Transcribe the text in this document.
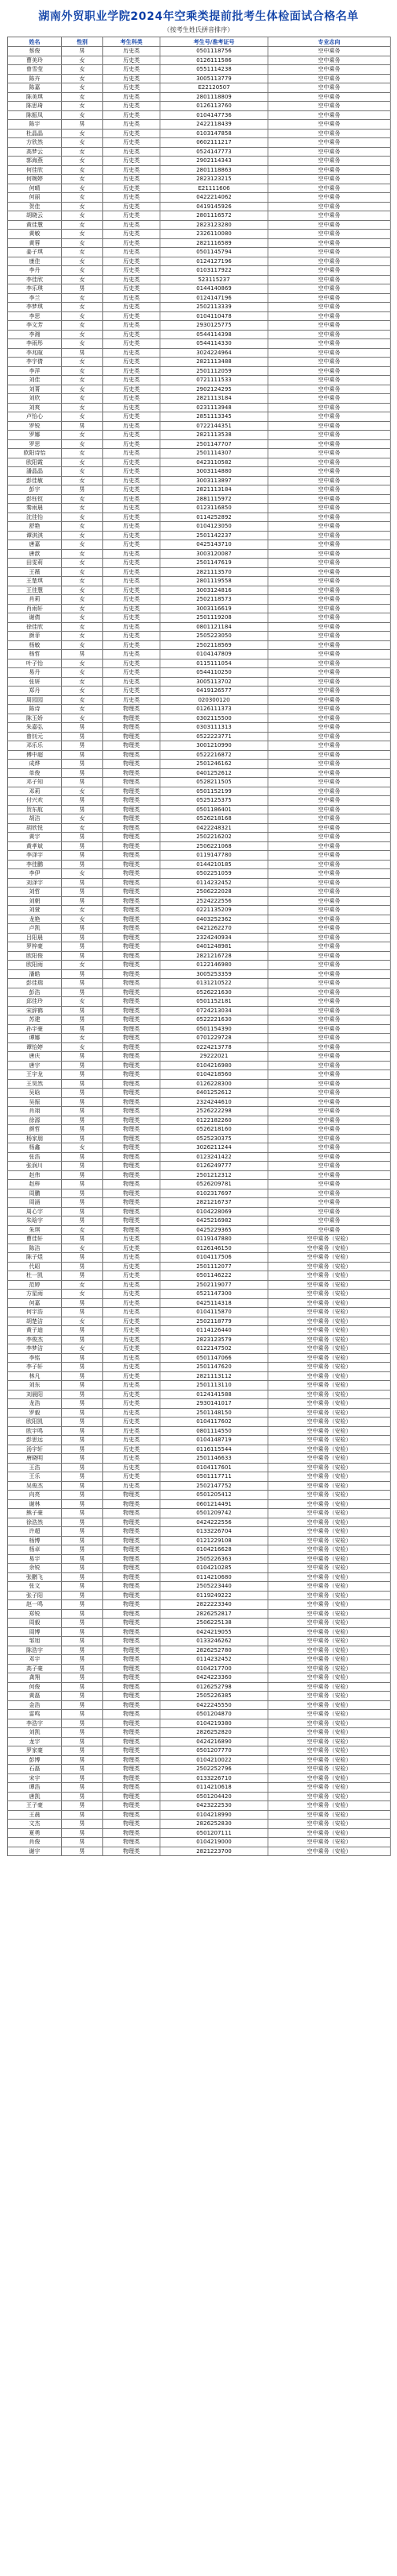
湖南外贸职业学院2024年空乘类提前批考生体检面试合格名单
（按考生姓氏拼音排序）
姓名	性别	考生科类	考生号/准考证号	专业志向
蔡俊	男	历史类	0501118756	空中乘务
曹美玲	女	历史类	0126111586	空中乘务
曾雪莹	女	历史类	0551114238	空中乘务
陈卉	女	历史类	3005113779	空中乘务
陈嘉	女	历史类	E22120507	空中乘务
陈美琪	女	历史类	2801118809	空中乘务
陈思琦	女	历史类	0126113760	空中乘务
陈振凤	女	历史类	0104147736	空中乘务
陈宇	男	历史类	2422118439	空中乘务
杜晶晶	女	历史类	0103147858	空中乘务
方欣然	女	历史类	0602111217	空中乘务
高梦云	女	历史类	0524147773	空中乘务
郭海燕	女	历史类	2902114343	空中乘务
何佳欣	女	历史类	2801118863	空中乘务
何婉婷	女	历史类	2823123215	空中乘务
何晴	女	历史类	E21111606	空中乘务
何丽	女	历史类	0422214062	空中乘务
贺佳	女	历史类	0419145926	空中乘务
胡晓云	女	历史类	2801116572	空中乘务
黄佳慧	女	历史类	2823123280	空中乘务
黄敏	女	历史类	2326110080	空中乘务
黄蓉	女	历史类	2821116589	空中乘务
姜子琪	女	历史类	0501145794	空中乘务
康佳	女	历史类	0124127196	空中乘务
李丹	女	历史类	0103117922	空中乘务
李佳欣	女	历史类	523115237	空中乘务
李乐琪	男	历史类	0144140869	空中乘务
李兰	女	历史类	0124147196	空中乘务
李梦琪	女	历史类	2502113339	空中乘务
李思	女	历史类	0104110478	空中乘务
李文芳	女	历史类	2930125775	空中乘务
李湘	女	历史类	0544114398	空中乘务
李雨彤	女	历史类	0544114330	空中乘务
李兆暄	男	历史类	3024224964	空中乘务
李宇倩	女	历史类	2821113488	空中乘务
李萍	女	历史类	2501112059	空中乘务
刘佳	女	历史类	0721111533	空中乘务
刘菁	女	历史类	2902124295	空中乘务
刘欣	女	历史类	2821113184	空中乘务
刘爽	女	历史类	0231113948	空中乘务
卢怡心	女	历史类	2851113345	空中乘务
罗锐	男	历史类	0722144351	空中乘务
罗娜	女	历史类	2821113538	空中乘务
罗思	女	历史类	2501147707	空中乘务
欧阳诗怡	女	历史类	2501114307	空中乘务
欧阳霞	女	历史类	0423110582	空中乘务
潘晶晶	女	历史类	3003114880	空中乘务
彭佳敏	女	历史类	3003113897	空中乘务
彭宇	男	历史类	2821113184	空中乘务
彭钰钗	女	历史类	2881115972	空中乘务
秦雨晨	女	历史类	0123116850	空中乘务
沈佳怡	女	历史类	0114252892	空中乘务
舒艳	女	历史类	0104123050	空中乘务
谭淇淇	女	历史类	2501142237	空中乘务
唐嘉	女	历史类	0425143710	空中乘务
唐歆	女	历史类	3003120087	空中乘务
田雯莉	女	历史类	2501147619	空中乘务
王薇	女	历史类	2821113570	空中乘务
王楚琪	女	历史类	2801119558	空中乘务
王佳慧	女	历史类	3003124816	空中乘务
肖莉	女	历史类	2502118573	空中乘务
肖雨轩	女	历史类	3003116619	空中乘务
谢倩	女	历史类	2501119208	空中乘务
徐佳欣	女	历史类	0801121184	空中乘务
颜菲	女	历史类	2505223050	空中乘务
杨敏	女	历史类	2502118569	空中乘务
杨哲	男	历史类	0104147809	空中乘务
叶子怡	女	历史类	0115111054	空中乘务
易丹	女	历史类	0544110250	空中乘务
张妍	女	历史类	3005113702	空中乘务
郑丹	女	历史类	0419126577	空中乘务
周园园	女	历史类	020300120	空中乘务
陈诗	女	物理类	0126111373	空中乘务
陈玉娇	女	物理类	0302115500	空中乘务
朱嘉弘	男	物理类	0303111313	空中乘务
曾钊元	男	物理类	0522223771	空中乘务
邓乐乐	男	物理类	3001210990	空中乘务
傅中超	男	物理类	0522216872	空中乘务
成烨	男	物理类	2501246162	空中乘务
单俊	男	物理类	0401252612	空中乘务
邓子知	男	物理类	0528211505	空中乘务
邓莉	女	物理类	0501152199	空中乘务
付兴欢	男	物理类	0525125375	空中乘务
贺东航	男	物理类	0501186401	空中乘务
胡洁	女	物理类	0526218168	空中乘务
胡欣悦	女	物理类	0422248321	空中乘务
黄宇	男	物理类	2502216202	空中乘务
黄孝斌	男	物理类	2506221068	空中乘务
李泽宇	男	物理类	0119147780	空中乘务
李佳鹏	男	物理类	0144210185	空中乘务
李伊	女	物理类	0502251059	空中乘务
刘泽宇	男	物理类	0114232452	空中乘务
刘哲	男	物理类	2506222028	空中乘务
刘朝	男	物理类	2524222556	空中乘务
刘萱	女	物理类	0221135209	空中乘务
龙艳	女	物理类	0403252362	空中乘务
卢凯	男	物理类	0421262270	空中乘务
吕阳晨	男	物理类	2324240934	空中乘务
罗梓豪	男	物理类	0401248981	空中乘务
欧阳俊	男	物理类	2821216728	空中乘务
欧阳雨	女	物理类	0122146980	空中乘务
潘皓	男	物理类	3005253359	空中乘务
彭佳瑞	男	物理类	0131210522	空中乘务
彭浩	男	物理类	0526221630	空中乘务
邱佳玲	女	物理类	0501152181	空中乘务
宋辞鹤	男	物理类	0724213034	空中乘务
苏建	男	物理类	0522221630	空中乘务
孙宇豪	男	物理类	0501154390	空中乘务
谭娜	女	物理类	0701229728	空中乘务
谭怡婷	女	物理类	0224213778	空中乘务
唐庆	男	物理类	29222021	空中乘务
唐宇	男	物理类	0104216980	空中乘务
王宇龙	男	物理类	0104218560	空中乘务
王昊然	男	物理类	0126228300	空中乘务
吴晗	男	物理类	0401252612	空中乘务
吴振	男	物理类	2324244610	空中乘务
肖翊	男	物理类	2526222298	空中乘务
徐源	男	物理类	0122182260	空中乘务
颜哲	男	物理类	0526218160	空中乘务
杨家朋	男	物理类	0525230375	空中乘务
杨鑫	女	物理类	3026211244	空中乘务
张浩	男	物理类	0123241422	空中乘务
张润川	男	物理类	0126249777	空中乘务
赵伟	男	物理类	2501212312	空中乘务
赵梓	男	物理类	0526209781	空中乘务
周鹏	男	物理类	0102317697	空中乘务
周涵	男	物理类	2821216737	空中乘务
周心宇	男	物理类	0104228069	空中乘务
朱晗宇	男	物理类	0425216982	空中乘务
朱琪	女	物理类	0425229365	空中乘务
曹佳轩	男	历史类	0119147880	空中乘务（安检）
陈洁	女	历史类	0126146150	空中乘务（安检）
陈子煜	男	历史类	0104117506	空中乘务（安检）
代昭	男	历史类	2501112077	空中乘务（安检）
杜一凯	男	历史类	0501146222	空中乘务（安检）
范婷	女	历史类	2502119077	空中乘务（安检）
方星雨	女	历史类	0521147300	空中乘务（安检）
何嘉	男	历史类	0425114318	空中乘务（安检）
何宇浩	男	历史类	0104115870	空中乘务（安检）
胡楚洁	女	历史类	2502118779	空中乘务（安检）
黄子迪	男	历史类	0114126440	空中乘务（安检）
李俊杰	男	历史类	2823123579	空中乘务（安检）
李梦洁	女	历史类	0122147502	空中乘务（安检）
李铭	男	历史类	0501147066	空中乘务（安检）
李子轩	男	历史类	2501147620	空中乘务（安检）
林凡	男	历史类	2821113112	空中乘务（安检）
刘东	男	历史类	2501113110	空中乘务（安检）
刘晨阳	男	历史类	0124141588	空中乘务（安检）
龙浩	男	历史类	2930141017	空中乘务（安检）
罗毅	男	历史类	2501148150	空中乘务（安检）
欧阳凯	男	历史类	0104117602	空中乘务（安检）
欧宇鸣	男	历史类	0801114550	空中乘务（安检）
彭思远	男	历史类	0104148719	空中乘务（安检）
汤宇轩	男	历史类	0116115544	空中乘务（安检）
唐晓明	男	历史类	2501146633	空中乘务（安检）
王浩	男	历史类	0104117601	空中乘务（安检）
王乐	男	历史类	0501117711	空中乘务（安检）
吴俊杰	男	历史类	2502147752	空中乘务（安检）
向亮	男	物理类	0501205412	空中乘务（安检）
谢林	男	物理类	0601214491	空中乘务（安检）
熊子豪	男	物理类	0501209742	空中乘务（安检）
徐浩然	男	物理类	0424222556	空中乘务（安检）
许超	男	物理类	0133226704	空中乘务（安检）
杨博	男	物理类	0121229108	空中乘务（安检）
杨卓	男	物理类	0104216628	空中乘务（安检）
易宇	男	物理类	2505226363	空中乘务（安检）
余锐	男	物理类	0104210285	空中乘务（安检）
张鹏飞	男	物理类	0114210680	空中乘务（安检）
张文	男	物理类	2505223440	空中乘务（安检）
张子阳	男	物理类	0119249222	空中乘务（安检）
赵一鸣	男	物理类	2822223340	空中乘务（安检）
郑锐	男	物理类	2826252817	空中乘务（安检）
周毅	男	物理类	2506225138	空中乘务（安检）
周博	男	物理类	0424219055	空中乘务（安检）
邹旭	男	物理类	0133246262	空中乘务（安检）
陈浩宇	男	物理类	2826252780	空中乘务（安检）
邓宇	男	物理类	0114232452	空中乘务（安检）
高子豪	男	物理类	0104217700	空中乘务（安检）
龚翔	男	物理类	0424223360	空中乘务（安检）
何俊	男	物理类	0126252798	空中乘务（安检）
黄磊	男	物理类	2505226385	空中乘务（安检）
金浩	男	物理类	0422245550	空中乘务（安检）
雷鸣	男	物理类	0501204870	空中乘务（安检）
李浩宇	男	物理类	0104219380	空中乘务（安检）
刘凯	男	物理类	2826252820	空中乘务（安检）
龙宇	男	物理类	0424216890	空中乘务（安检）
罗家豪	男	物理类	0501207770	空中乘务（安检）
彭博	男	物理类	0104210022	空中乘务（安检）
石磊	男	物理类	2502252796	空中乘务（安检）
宋宇	男	物理类	0133226710	空中乘务（安检）
谭浩	男	物理类	0114210618	空中乘务（安检）
唐凯	男	物理类	0501204420	空中乘务（安检）
王子豪	男	物理类	0423222530	空中乘务（安检）
王晨	男	物理类	0104218990	空中乘务（安检）
文杰	男	物理类	2826252830	空中乘务（安检）
夏勇	男	物理类	0501207111	空中乘务（安检）
肖俊	男	物理类	0104219000	空中乘务（安检）
谢宇	男	物理类	2821223700	空中乘务（安检）
